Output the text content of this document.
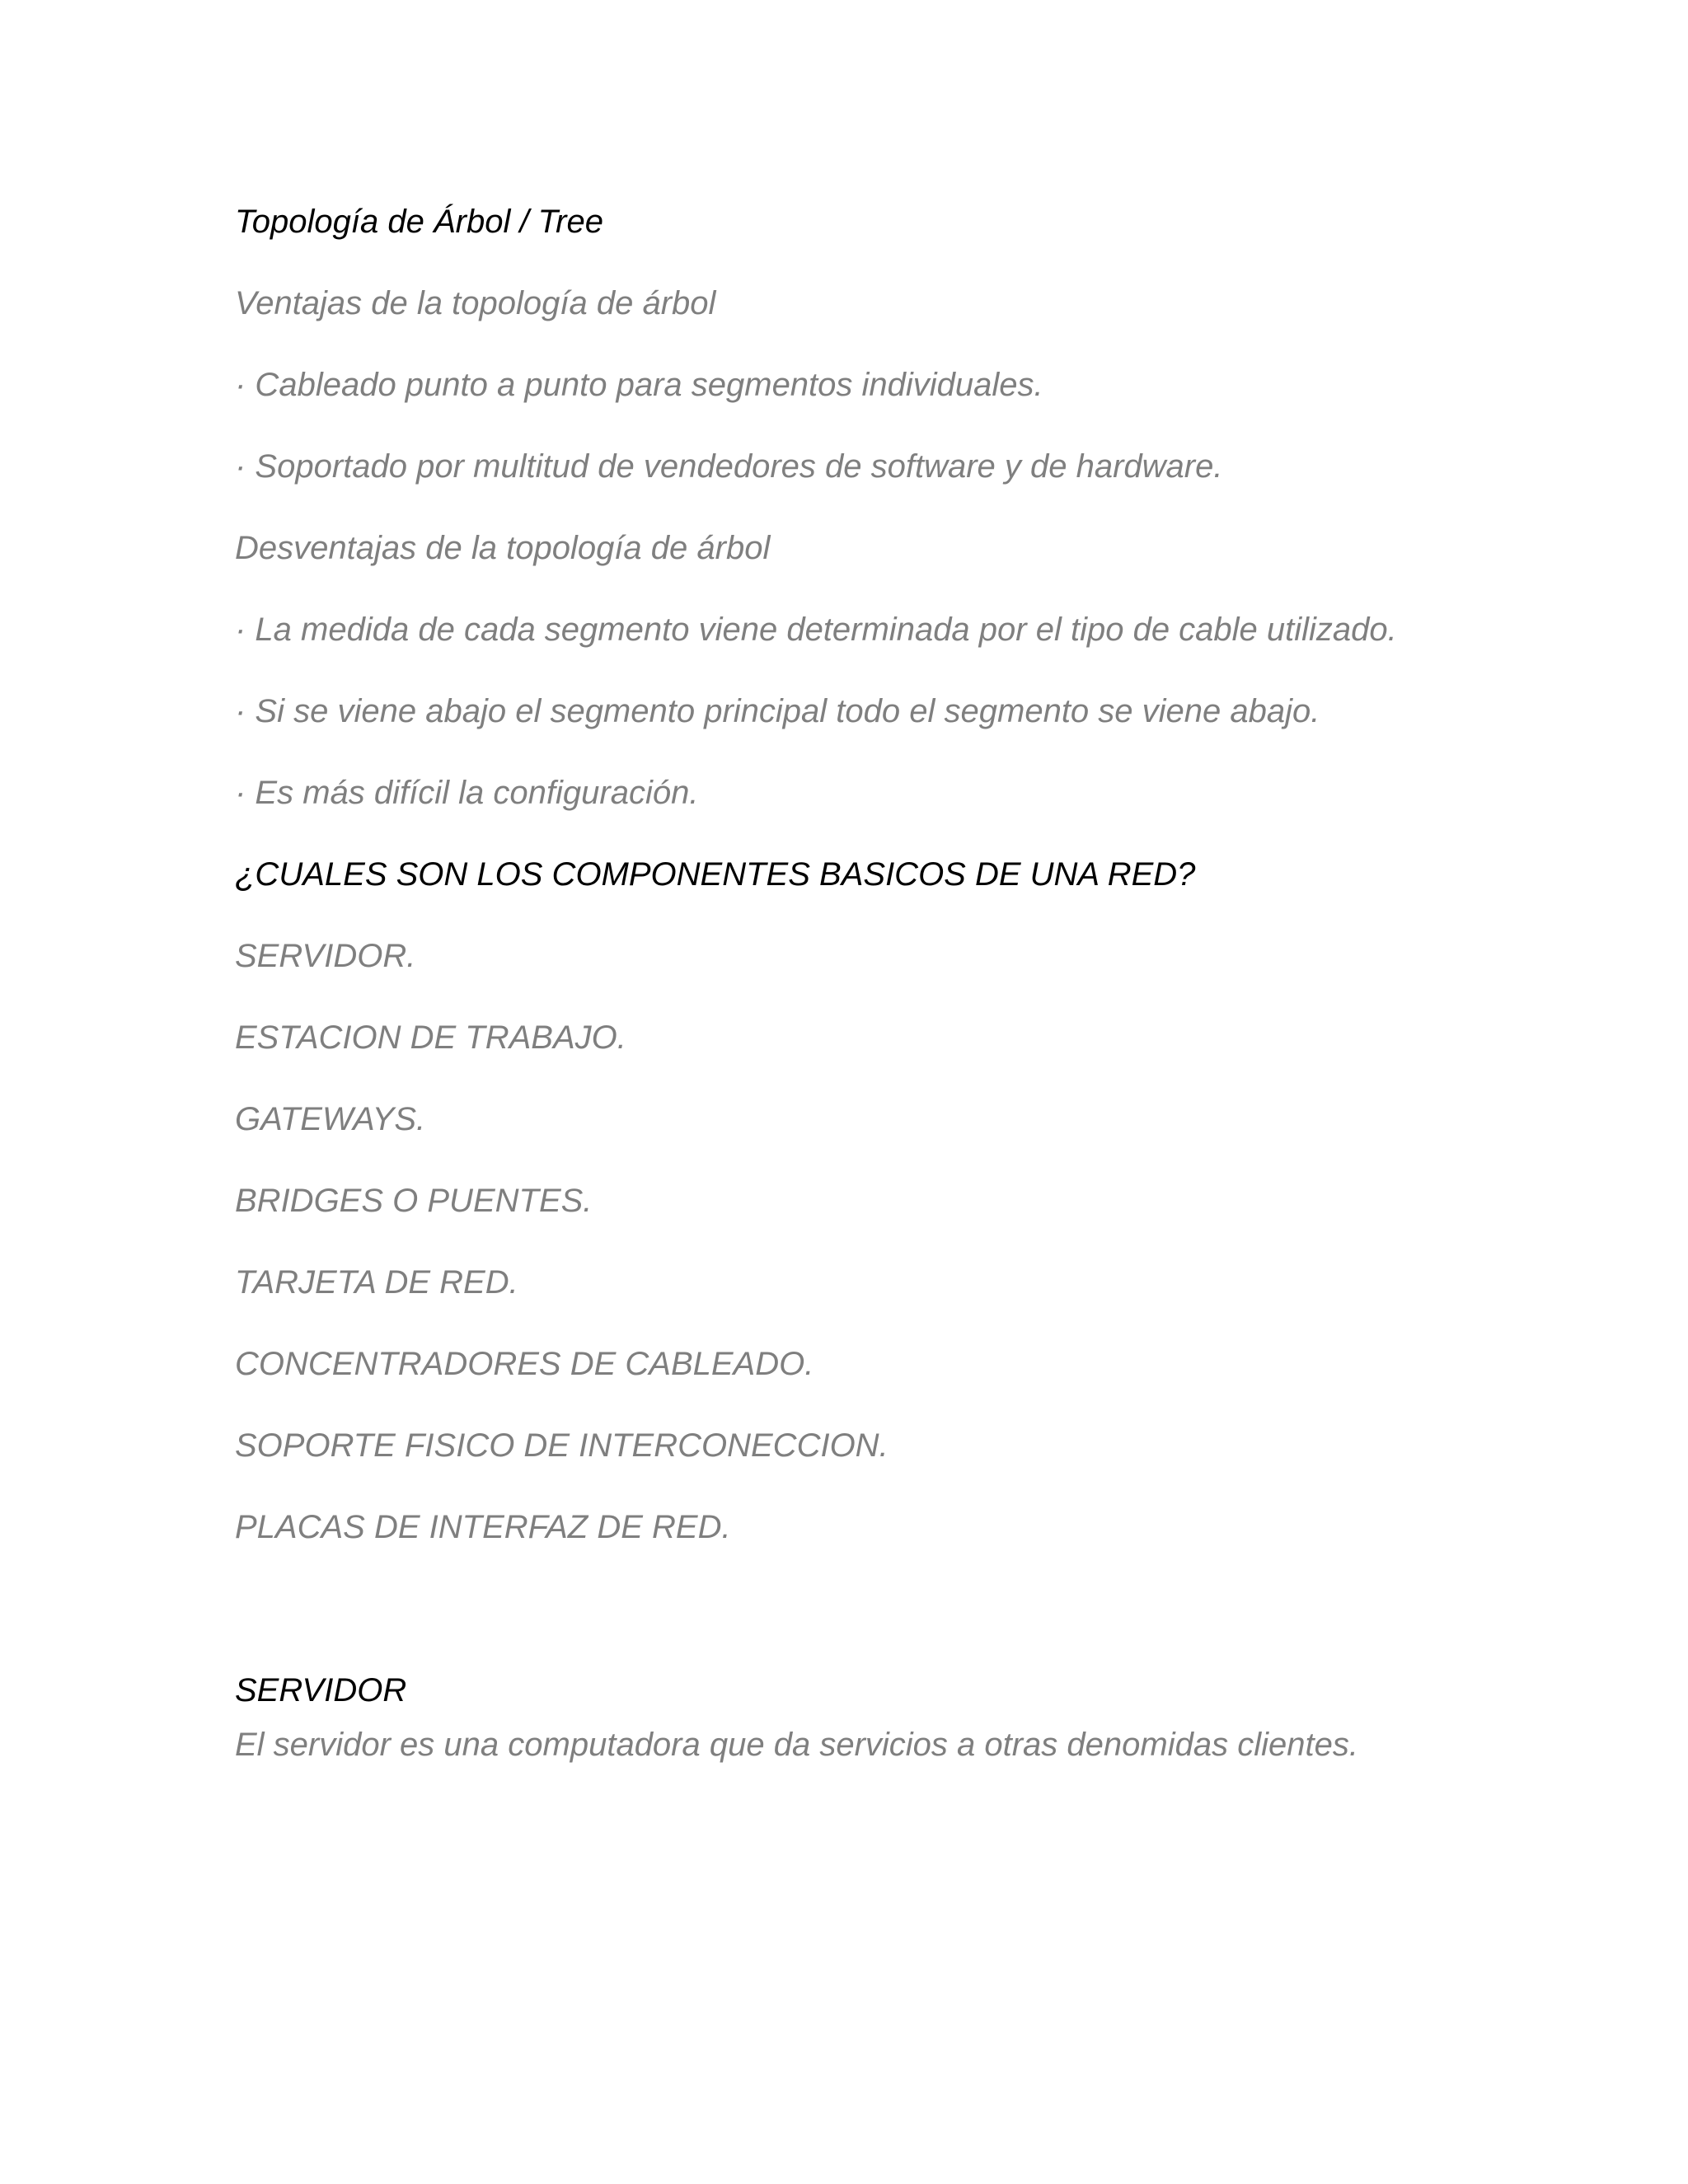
Topología de Árbol / Tree

Ventajas de la topología de árbol

· Cableado punto a punto para segmentos individuales.

· Soportado por multitud de vendedores de software y de hardware.

Desventajas de la topología de árbol

· La medida de cada segmento viene determinada por el tipo de cable utilizado.

· Si se viene abajo el segmento principal todo el segmento se viene abajo.

· Es más difícil la configuración.

¿CUALES SON LOS COMPONENTES BASICOS DE UNA RED?

SERVIDOR.

ESTACION DE TRABAJO.

GATEWAYS.

BRIDGES O PUENTES.

TARJETA DE RED.

CONCENTRADORES DE CABLEADO.

SOPORTE FISICO DE INTERCONECCION.

PLACAS DE INTERFAZ DE RED.

SERVIDOR

El servidor es una computadora que da servicios a otras denomidas clientes.
